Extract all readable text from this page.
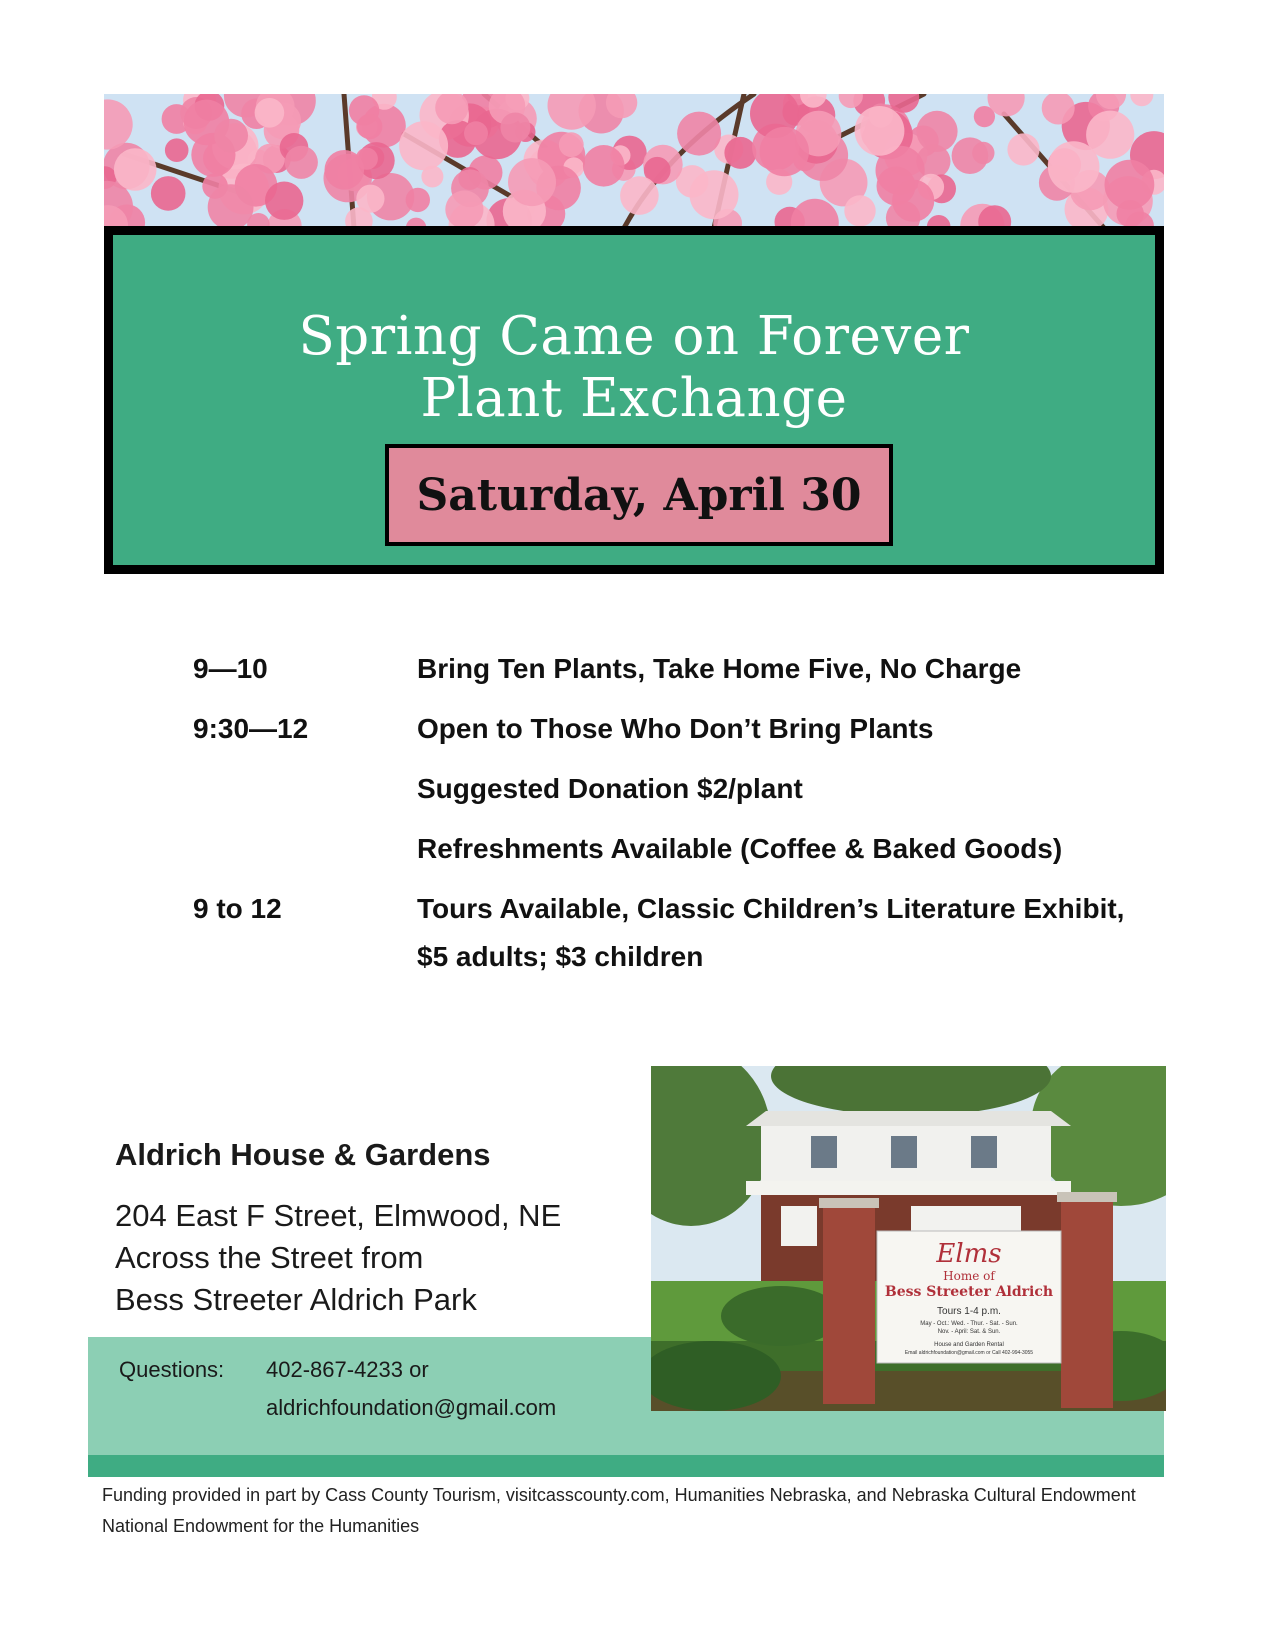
Spring Came on Forever
Plant Exchange
Saturday, April 30
9—10	Bring Ten Plants, Take Home Five, No Charge
9:30—12	Open to Those Who Don’t Bring Plants
Suggested Donation $2/plant
Refreshments Available (Coffee & Baked Goods)
9 to 12	Tours Available, Classic Children’s Literature Exhibit,
$5 adults; $3 children
Aldrich House & Gardens
204 East F Street, Elmwood, NE
Across the Street from
Bess Streeter Aldrich Park
Questions: 402-867-4233 or
aldrichfoundation@gmail.com
Elms
Home of
Bess Streeter Aldrich
Tours 1-4 p.m.
May - Oct.: Wed. - Thur. - Sat. - Sun.
Nov. - April: Sat. & Sun.
House and Garden Rental
Email aldrichfoundation@gmail.com or Call 402-994-3055
Funding provided in part by Cass County Tourism, visitcasscounty.com, Humanities Nebraska, and Nebraska Cultural Endowment
National Endowment for the Humanities
